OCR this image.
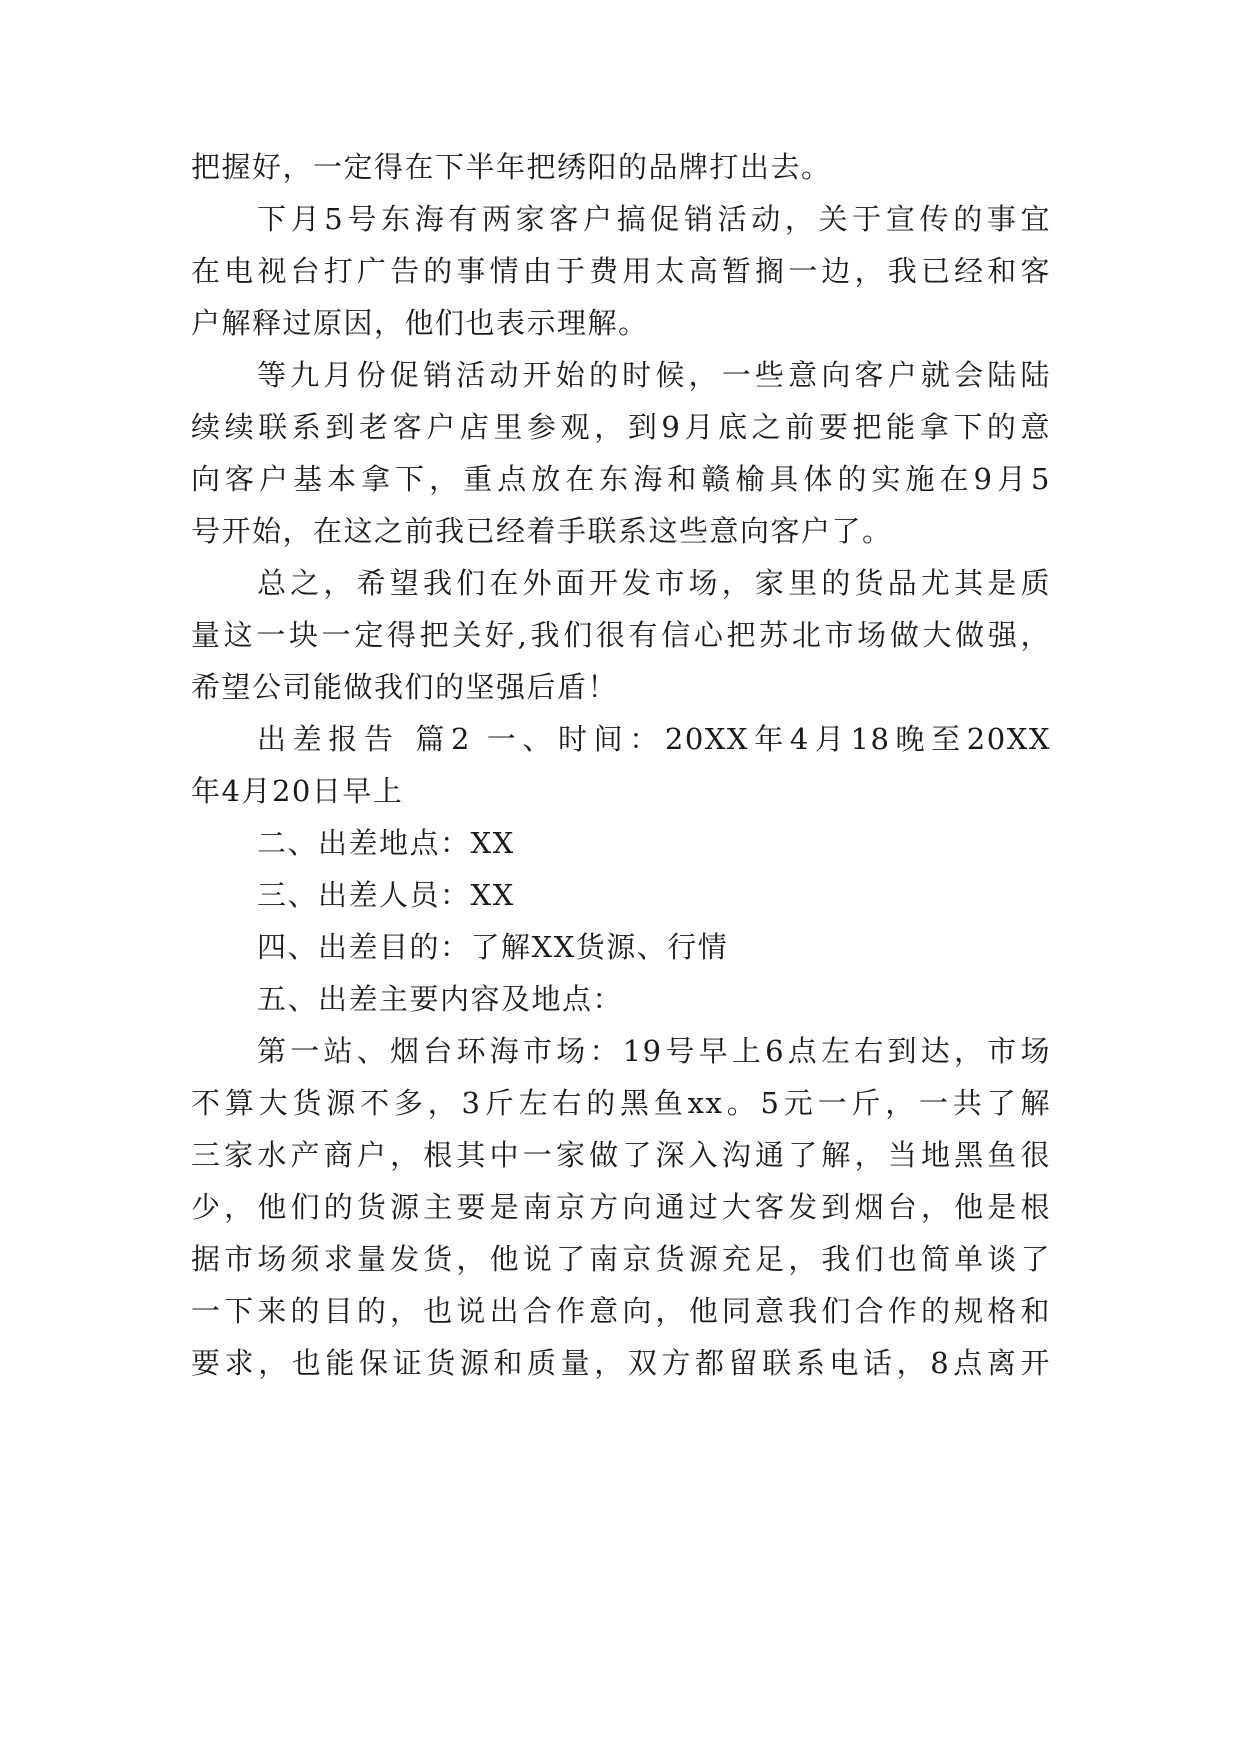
把握好，一定得在下半年把绣阳的品牌打出去。
下月5号东海有两家客户搞促销活动，关于宣传的事宜
在电视台打广告的事情由于费用太高暂搁一边，我已经和客
户解释过原因，他们也表示理解。
等九月份促销活动开始的时候，一些意向客户就会陆陆
续续联系到老客户店里参观，到9月底之前要把能拿下的意
向客户基本拿下，重点放在东海和赣榆具体的实施在9月5
号开始，在这之前我已经着手联系这些意向客户了。
总之，希望我们在外面开发市场，家里的货品尤其是质
量这一块一定得把关好,我们很有信心把苏北市场做大做强，
希望公司能做我们的坚强后盾！
出差报告 篇2 一、时间：20XX年4月18晚至20XX
年4月20日早上
二、出差地点：XX
三、出差人员：XX
四、出差目的：了解XX货源、行情
五、出差主要内容及地点：
第一站、烟台环海市场：19号早上6点左右到达，市场
不算大货源不多，3斤左右的黑鱼xx。5元一斤，一共了解
三家水产商户，根其中一家做了深入沟通了解，当地黑鱼很
少，他们的货源主要是南京方向通过大客发到烟台，他是根
据市场须求量发货，他说了南京货源充足，我们也简单谈了
一下来的目的，也说出合作意向，他同意我们合作的规格和
要求，也能保证货源和质量，双方都留联系电话，8点离开
